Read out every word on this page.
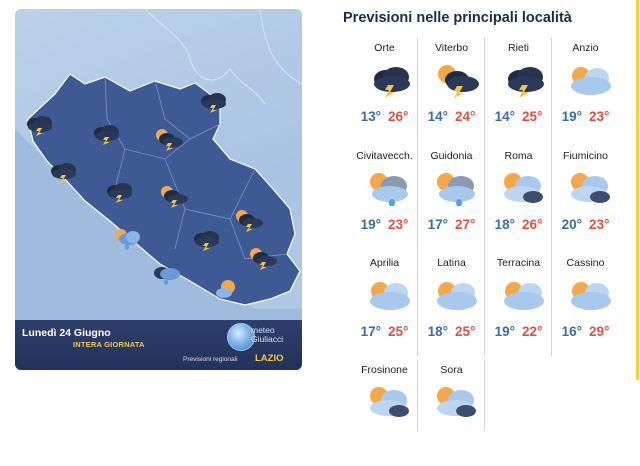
Lunedì 24 Giugno
INTERA GIORNATA
meteo
Giuliacci
Previsioni regionali LAZIO
Previsioni nelle principali località
Orte
13° 26°
Viterbo
14° 24°
Rieti
14° 25°
Anzio
19° 23°
Civitavecch.
19° 23°
Guidonia
17° 27°
Roma
18° 26°
Fiumicino
20° 23°
Aprilia
17° 25°
Latina
18° 25°
Terracina
19° 22°
Cassino
16° 29°
Frosinone	Sora
